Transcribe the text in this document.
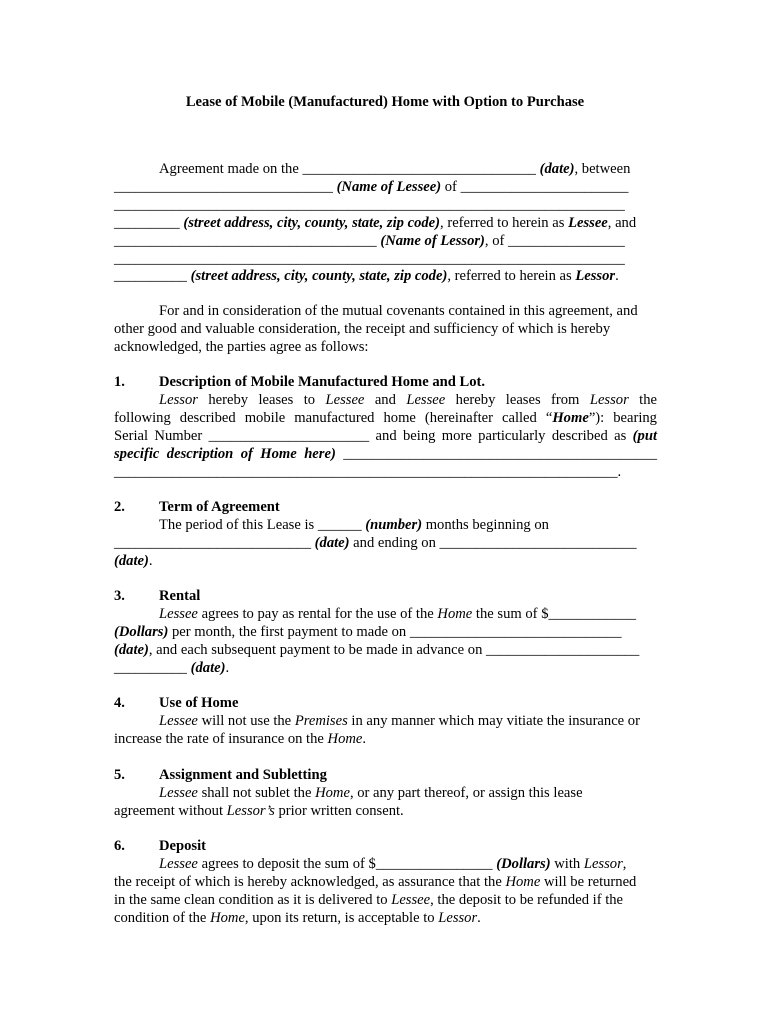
Lease of Mobile (Manufactured) Home with Option to Purchase
Agreement made on the ________________________________ (date), between
______________________________ (Name of Lessee) of _______________________
______________________________________________________________________
_________ (street address, city, county, state, zip code), referred to herein as Lessee, and
____________________________________ (Name of Lessor), of ________________
______________________________________________________________________
__________ (street address, city, county, state, zip code), referred to herein as Lessor.
For and in consideration of the mutual covenants contained in this agreement, and
other good and valuable consideration, the receipt and sufficiency of which is hereby
acknowledged, the parties agree as follows:
1. Description of Mobile Manufactured Home and Lot.
Lessor hereby leases to Lessee and Lessee hereby leases from Lessor the
following described mobile manufactured home (hereinafter called “Home”): bearing
Serial Number ______________________ and being more particularly described as (put
specific description of Home here) ___________________________________________
_____________________________________________________________________.
2. Term of Agreement
The period of this Lease is ______ (number) months beginning on
___________________________ (date) and ending on ___________________________
(date).
3. Rental
Lessee agrees to pay as rental for the use of the Home the sum of $____________
(Dollars) per month, the first payment to made on _____________________________
(date), and each subsequent payment to be made in advance on _____________________
__________ (date).
4. Use of Home
Lessee will not use the Premises in any manner which may vitiate the insurance or
increase the rate of insurance on the Home.
5. Assignment and Subletting
Lessee shall not sublet the Home, or any part thereof, or assign this lease
agreement without Lessor’s prior written consent.
6. Deposit
Lessee agrees to deposit the sum of $________________ (Dollars) with Lessor,
the receipt of which is hereby acknowledged, as assurance that the Home will be returned
in the same clean condition as it is delivered to Lessee, the deposit to be refunded if the
condition of the Home, upon its return, is acceptable to Lessor.
